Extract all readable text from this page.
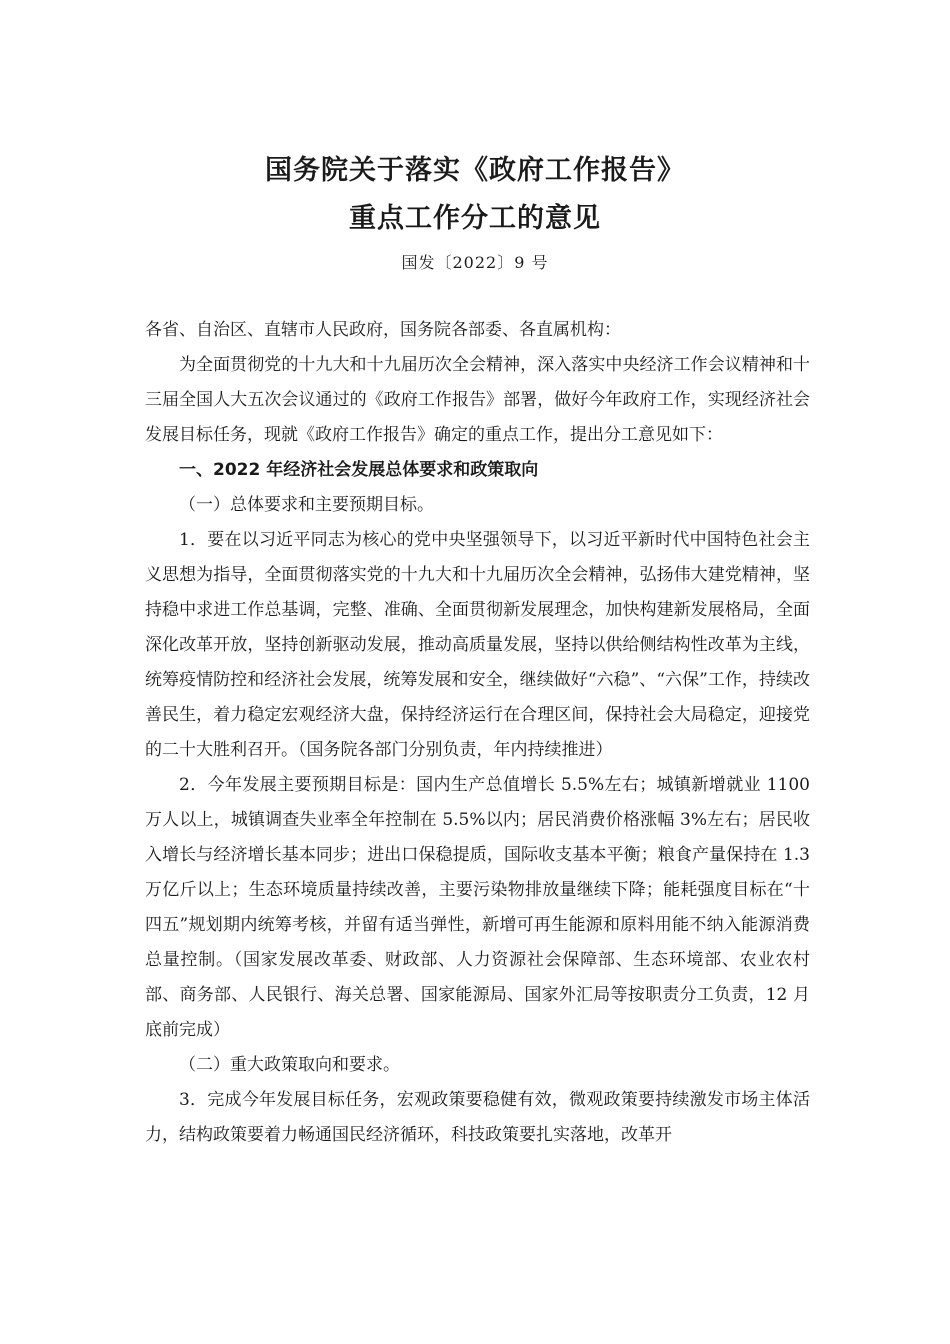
国务院关于落实《政府工作报告》
重点工作分工的意见
国发〔2022〕9 号

各省、自治区、直辖市人民政府，国务院各部委、各直属机构：

为全面贯彻党的十九大和十九届历次全会精神，深入落实中央经济工作会议精神和十三届全国人大五次会议通过的《政府工作报告》部署，做好今年政府工作，实现经济社会发展目标任务，现就《政府工作报告》确定的重点工作，提出分工意见如下：

一、2022 年经济社会发展总体要求和政策取向

（一）总体要求和主要预期目标。

1．要在以习近平同志为核心的党中央坚强领导下，以习近平新时代中国特色社会主义思想为指导，全面贯彻落实党的十九大和十九届历次全会精神，弘扬伟大建党精神，坚持稳中求进工作总基调，完整、准确、全面贯彻新发展理念，加快构建新发展格局，全面深化改革开放，坚持创新驱动发展，推动高质量发展，坚持以供给侧结构性改革为主线，统筹疫情防控和经济社会发展，统筹发展和安全，继续做好“六稳”、“六保”工作，持续改善民生，着力稳定宏观经济大盘，保持经济运行在合理区间，保持社会大局稳定，迎接党的二十大胜利召开。（国务院各部门分别负责，年内持续推进）

2．今年发展主要预期目标是：国内生产总值增长 5.5%左右；城镇新增就业 1100 万人以上，城镇调查失业率全年控制在 5.5%以内；居民消费价格涨幅 3%左右；居民收入增长与经济增长基本同步；进出口保稳提质，国际收支基本平衡；粮食产量保持在 1.3 万亿斤以上；生态环境质量持续改善，主要污染物排放量继续下降；能耗强度目标在“十四五”规划期内统筹考核，并留有适当弹性，新增可再生能源和原料用能不纳入能源消费总量控制。（国家发展改革委、财政部、人力资源社会保障部、生态环境部、农业农村部、商务部、人民银行、海关总署、国家能源局、国家外汇局等按职责分工负责，12 月底前完成）

（二）重大政策取向和要求。

3．完成今年发展目标任务，宏观政策要稳健有效，微观政策要持续激发市场主体活力，结构政策要着力畅通国民经济循环，科技政策要扎实落地，改革开
